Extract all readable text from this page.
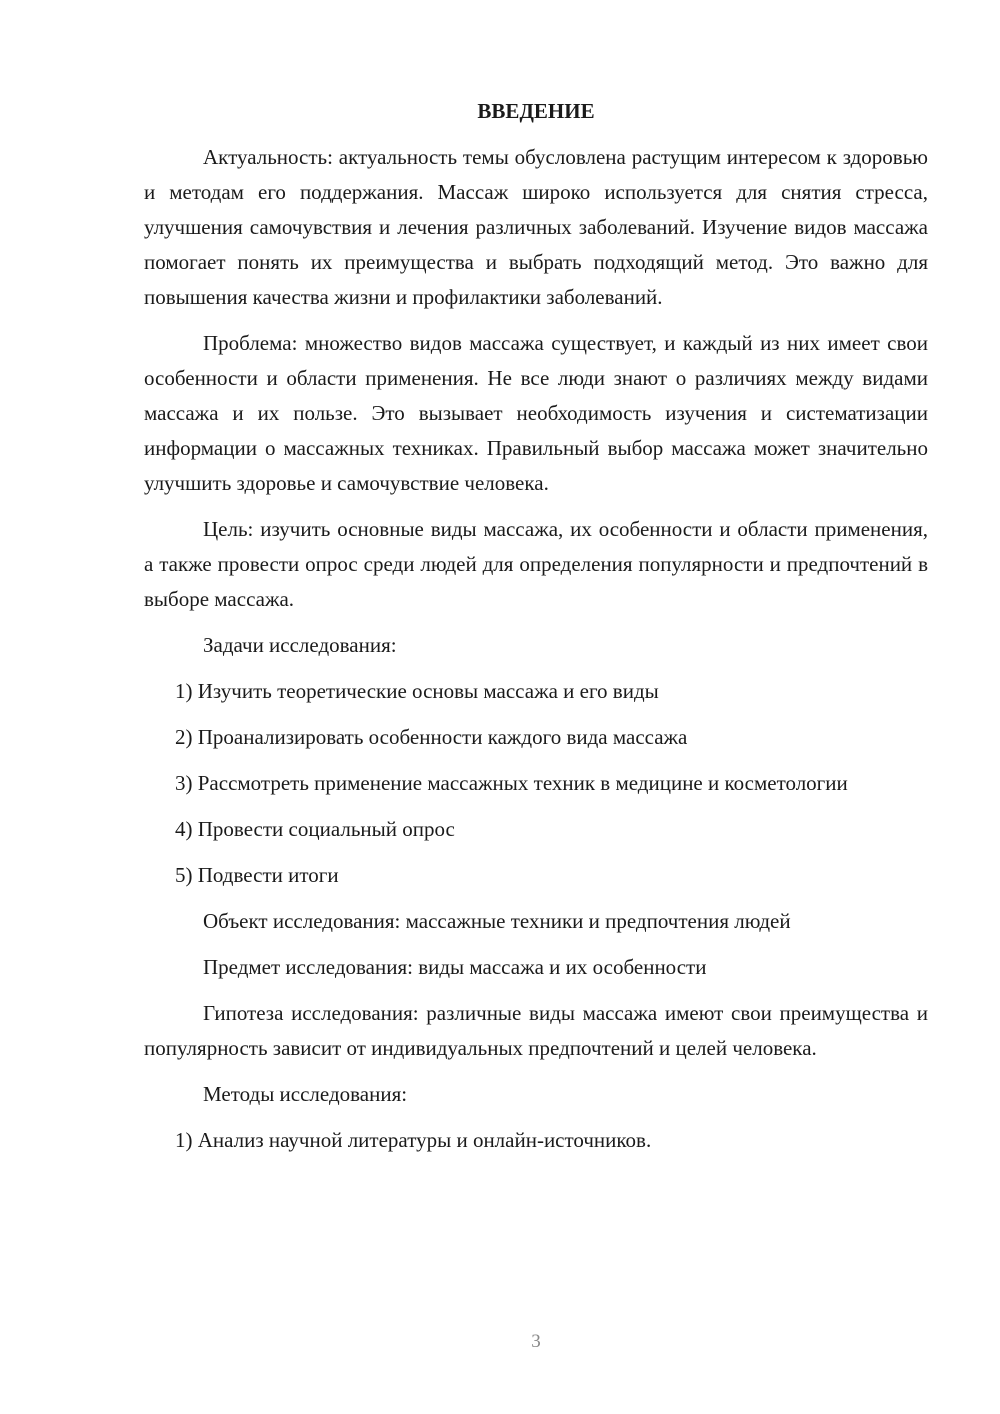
ВВЕДЕНИЕ
Актуальность: актуальность темы обусловлена растущим интересом к здоровью и методам его поддержания. Массаж широко используется для снятия стресса, улучшения самочувствия и лечения различных заболеваний. Изучение видов массажа помогает понять их преимущества и выбрать подходящий метод. Это важно для повышения качества жизни и профилактики заболеваний.
Проблема: множество видов массажа существует, и каждый из них имеет свои особенности и области применения. Не все люди знают о различиях между видами массажа и их пользе. Это вызывает необходимость изучения и систематизации информации о массажных техниках. Правильный выбор массажа может значительно улучшить здоровье и самочувствие человека.
Цель: изучить основные виды массажа, их особенности и области применения, а также провести опрос среди людей для определения популярности и предпочтений в выборе массажа.
Задачи исследования:
1) Изучить теоретические основы массажа и его виды
2) Проанализировать особенности каждого вида массажа
3) Рассмотреть применение массажных техник в медицине и косметологии
4) Провести социальный опрос
5) Подвести итоги
Объект исследования: массажные техники и предпочтения людей
Предмет исследования: виды массажа и их особенности
Гипотеза исследования: различные виды массажа имеют свои преимущества и популярность зависит от индивидуальных предпочтений и целей человека.
Методы исследования:
1) Анализ научной литературы и онлайн-источников.
3
